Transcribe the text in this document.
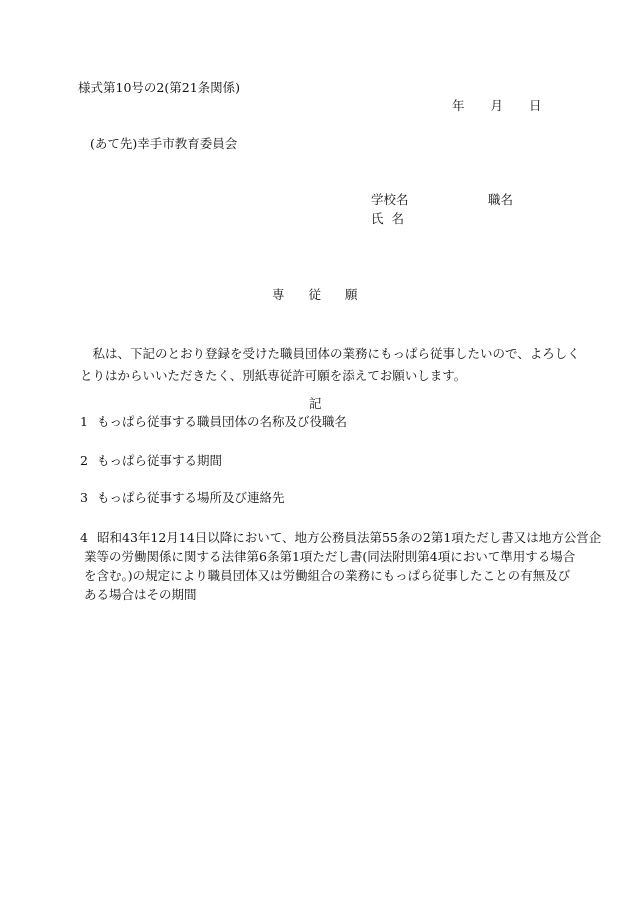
様式第10号の2(第21条関係)
年 月 日
(あて先)幸手市教育委員会
学校名	職名
氏名
専従願
　私は、下記のとおり登録を受けた職員団体の業務にもっぱら従事したいので、よろしく
とりはからいいただきたく、別紙専従許可願を添えてお願いします。
記
1 もっぱら従事する職員団体の名称及び役職名
2 もっぱら従事する期間
3 もっぱら従事する場所及び連絡先
4 昭和43年12月14日以降において、地方公務員法第55条の2第1項ただし書又は地方公営企
業等の労働関係に関する法律第6条第1項ただし書(同法附則第4項において準用する場合
を含む。)の規定により職員団体又は労働組合の業務にもっぱら従事したことの有無及び
ある場合はその期間
